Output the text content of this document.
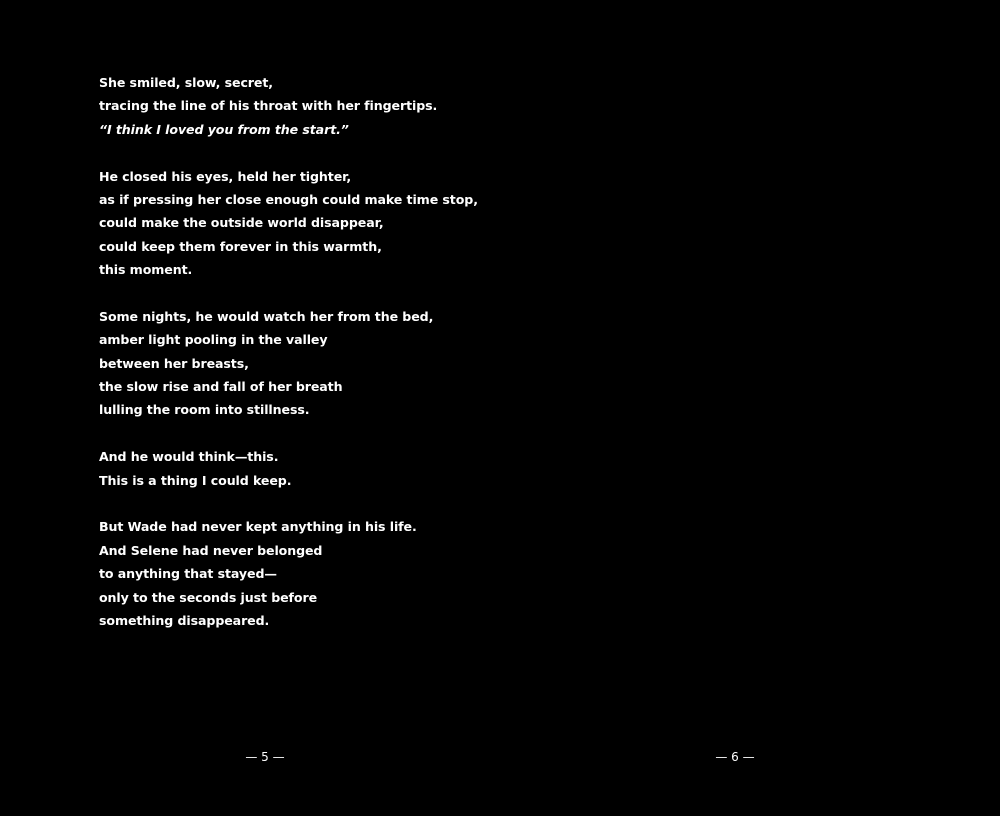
She smiled, slow, secret,
tracing the line of his throat with her fingertips.
“I think I loved you from the start.”
He closed his eyes, held her tighter,
as if pressing her close enough could make time stop,
could make the outside world disappear,
could keep them forever in this warmth,
this moment.
Some nights, he would watch her from the bed,
amber light pooling in the valley
between her breasts,
the slow rise and fall of her breath
lulling the room into stillness.
And he would think—this.
This is a thing I could keep.
But Wade had never kept anything in his life.
And Selene had never belonged
to anything that stayed—
only to the seconds just before
something disappeared.
— 5 —	— 6 —
